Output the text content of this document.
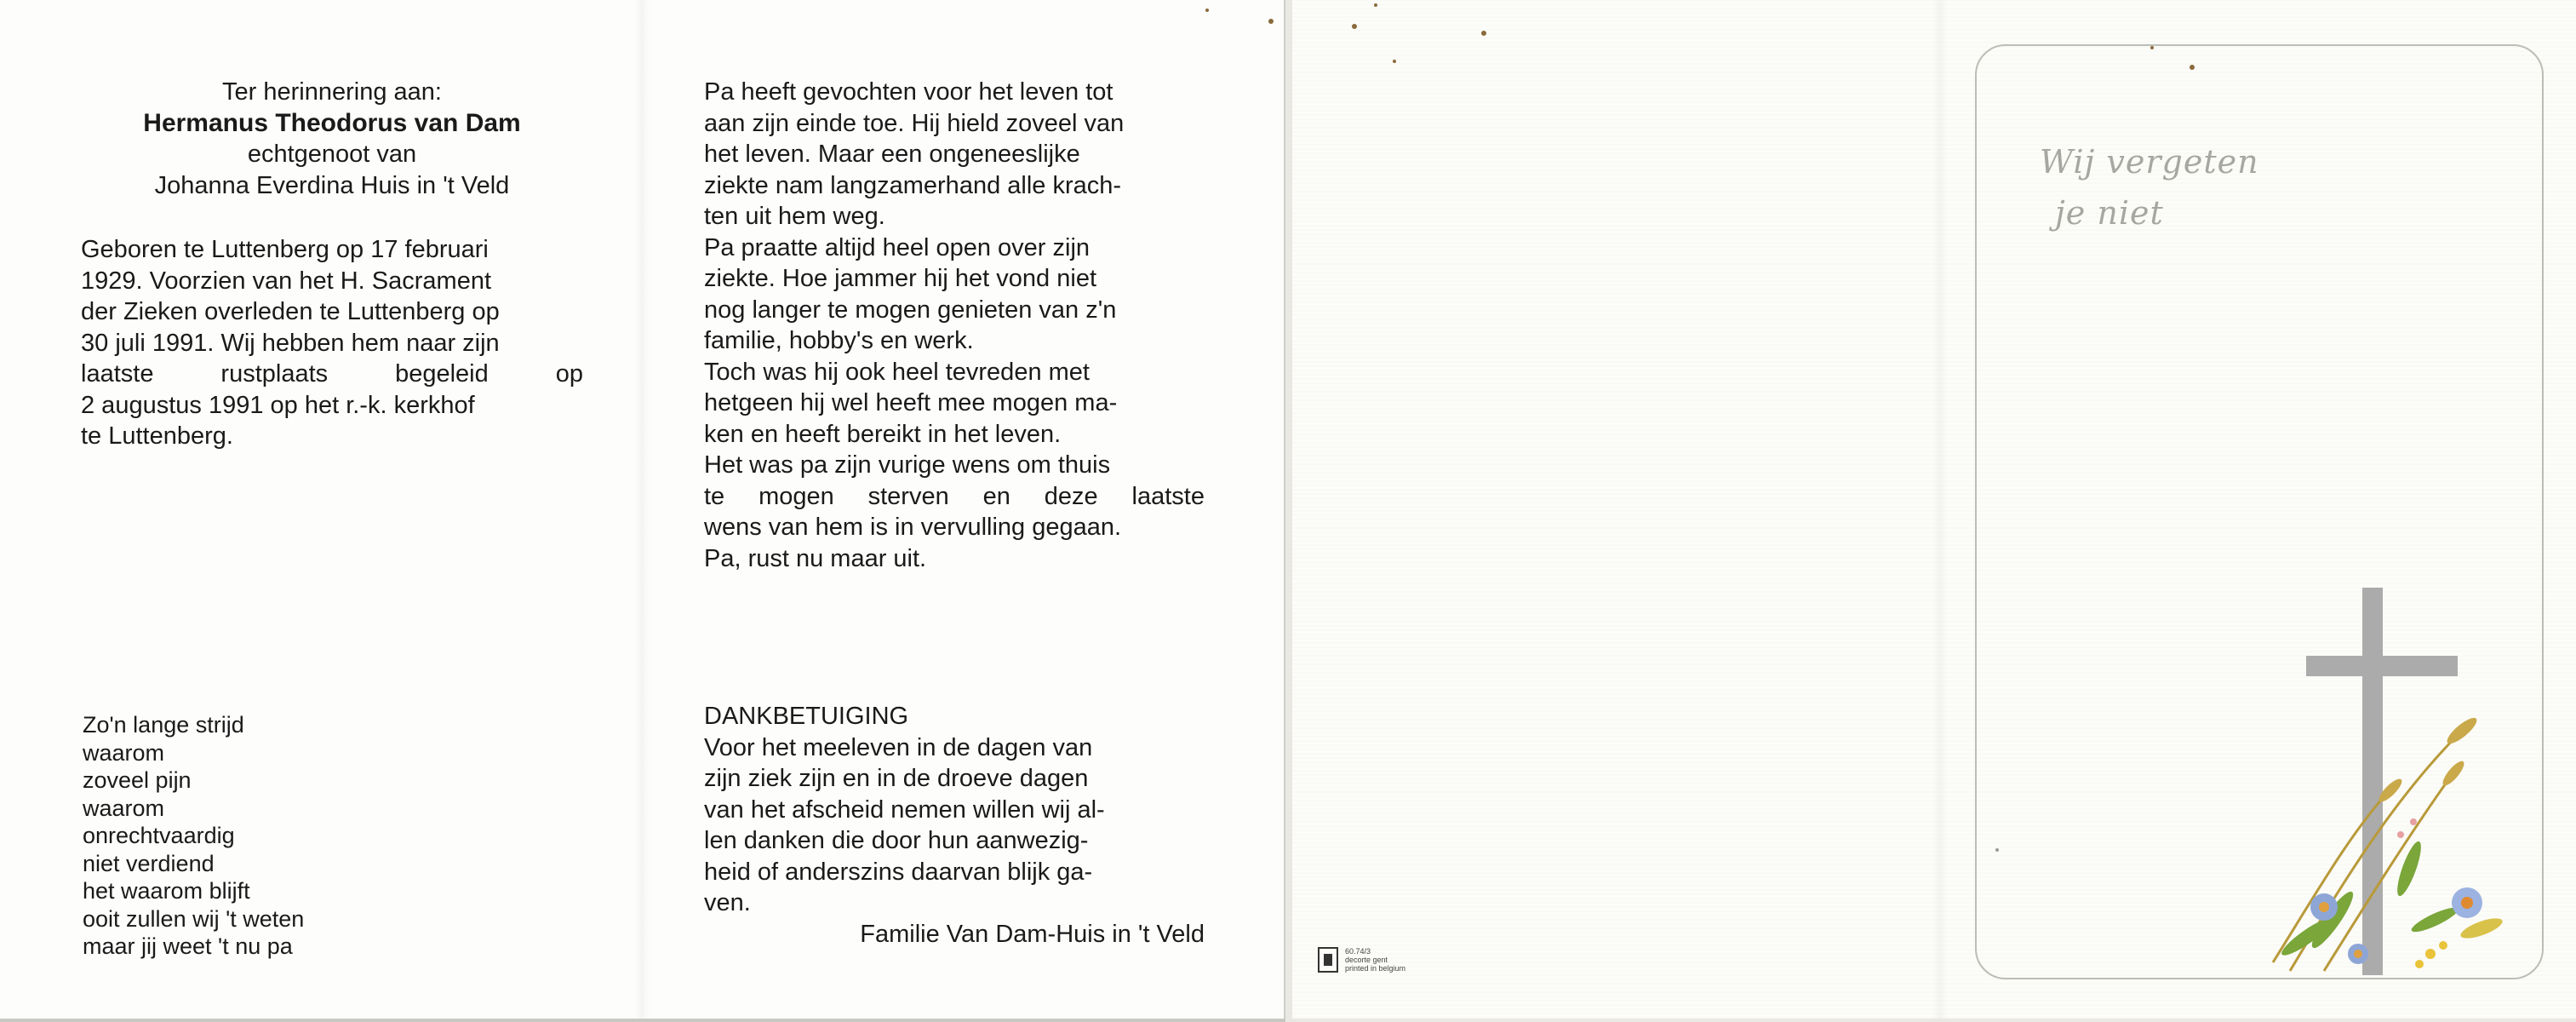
Ter herinnering aan:
Hermanus Theodorus van Dam
echtgenoot van
Johanna Everdina Huis in 't Veld
Geboren te Luttenberg op 17 februari
1929. Voorzien van het H. Sacrament
der Zieken overleden te Luttenberg op
30 juli 1991. Wij hebben hem naar zijn
laatste	rustplaats	begeleid	op
2 augustus 1991 op het r.-k. kerkhof
te Luttenberg.
Zo'n lange strijd
waarom
zoveel pijn
waarom
onrechtvaardig
niet verdiend
het waarom blijft
ooit zullen wij 't weten
maar jij weet 't nu pa
Pa heeft gevochten voor het leven tot
aan zijn einde toe. Hij hield zoveel van
het leven. Maar een ongeneeslijke
ziekte nam langzamerhand alle krach-
ten uit hem weg.
Pa praatte altijd heel open over zijn
ziekte. Hoe jammer hij het vond niet
nog langer te mogen genieten van z'n
familie, hobby's en werk.
Toch was hij ook heel tevreden met
hetgeen hij wel heeft mee mogen ma-
ken en heeft bereikt in het leven.
Het was pa zijn vurige wens om thuis
te mogen sterven en deze laatste
wens van hem is in vervulling gegaan.
Pa, rust nu maar uit.
DANKBETUIGING
Voor het meeleven in de dagen van
zijn ziek zijn en in de droeve dagen
van het afscheid nemen willen wij al-
len danken die door hun aanwezig-
heid of anderszins daarvan blijk ga-
ven.
Familie Van Dam-Huis in 't Veld
60.74/3
decorte gent
printed in belgium
Wij vergeten
je niet
